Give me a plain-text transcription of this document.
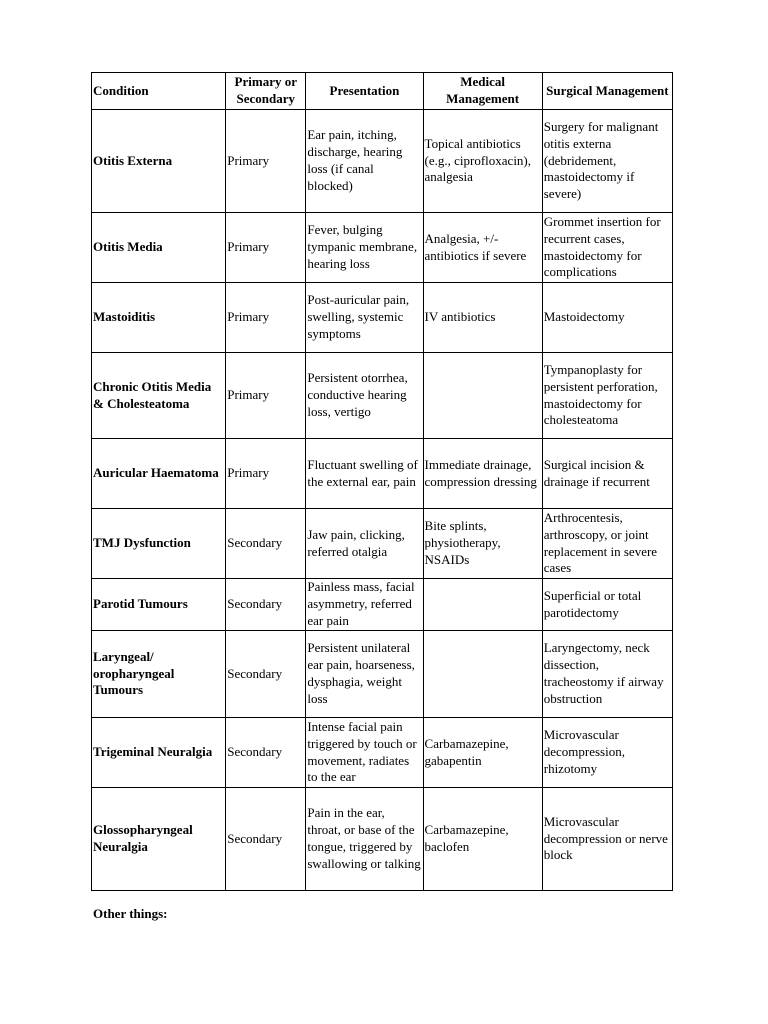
Condition	Primary or Secondary	Presentation	Medical Management	Surgical Management
Otitis Externa	Primary	Ear pain, itching, discharge, hearing loss (if canal blocked)	Topical antibiotics (e.g., ciprofloxacin), analgesia	Surgery for malignant otitis externa (debridement, mastoidectomy if severe)
Otitis Media	Primary	Fever, bulging tympanic membrane, hearing loss	Analgesia, +/- antibiotics if severe	Grommet insertion for recurrent cases, mastoidectomy for complications
Mastoiditis	Primary	Post-auricular pain, swelling, systemic symptoms	IV antibiotics	Mastoidectomy
Chronic Otitis Media & Cholesteatoma	Primary	Persistent otorrhea, conductive hearing loss, vertigo		Tympanoplasty for persistent perforation, mastoidectomy for cholesteatoma
Auricular Haematoma	Primary	Fluctuant swelling of the external ear, pain	Immediate drainage, compression dressing	Surgical incision & drainage if recurrent
TMJ Dysfunction	Secondary	Jaw pain, clicking, referred otalgia	Bite splints, physiotherapy, NSAIDs	Arthrocentesis, arthroscopy, or joint replacement in severe cases
Parotid Tumours	Secondary	Painless mass, facial asymmetry, referred ear pain		Superficial or total parotidectomy
Laryngeal/ oropharyngeal Tumours	Secondary	Persistent unilateral ear pain, hoarseness, dysphagia, weight loss		Laryngectomy, neck dissection, tracheostomy if airway obstruction
Trigeminal Neuralgia	Secondary	Intense facial pain triggered by touch or movement, radiates to the ear	Carbamazepine, gabapentin	Microvascular decompression, rhizotomy
Glossopharyngeal Neuralgia	Secondary	Pain in the ear, throat, or base of the tongue, triggered by swallowing or talking	Carbamazepine, baclofen	Microvascular decompression or nerve block
Other things:
